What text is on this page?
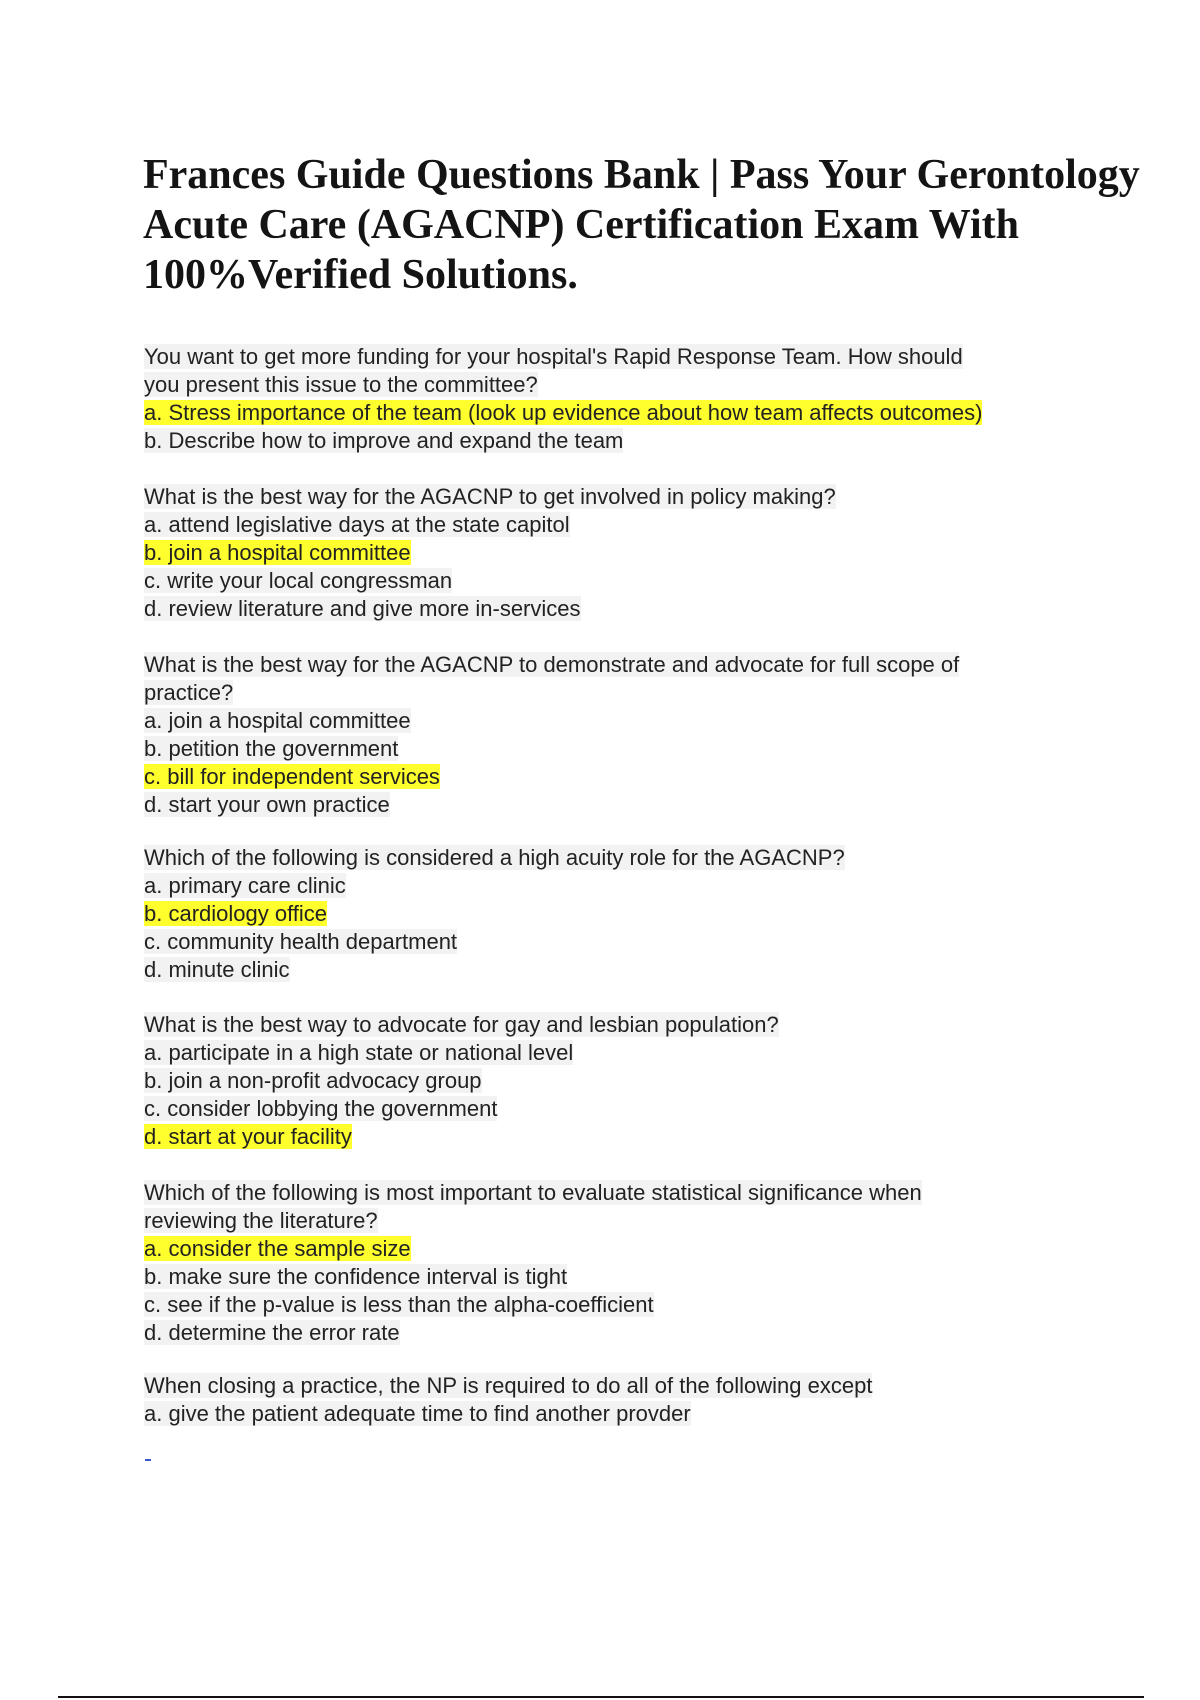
Frances Guide Questions Bank | Pass Your Gerontology
Acute Care (AGACNP) Certification Exam With
100%Verified Solutions.
You want to get more funding for your hospital's Rapid Response Team. How should
you present this issue to the committee?
a. Stress importance of the team (look up evidence about how team affects outcomes)
b. Describe how to improve and expand the team
What is the best way for the AGACNP to get involved in policy making?
a. attend legislative days at the state capitol
b. join a hospital committee
c. write your local congressman
d. review literature and give more in-services
What is the best way for the AGACNP to demonstrate and advocate for full scope of
practice?
a. join a hospital committee
b. petition the government
c. bill for independent services
d. start your own practice
Which of the following is considered a high acuity role for the AGACNP?
a. primary care clinic
b. cardiology office
c. community health department
d. minute clinic
What is the best way to advocate for gay and lesbian population?
a. participate in a high state or national level
b. join a non-profit advocacy group
c. consider lobbying the government
d. start at your facility
Which of the following is most important to evaluate statistical significance when
reviewing the literature?
a. consider the sample size
b. make sure the confidence interval is tight
c. see if the p-value is less than the alpha-coefficient
d. determine the error rate
When closing a practice, the NP is required to do all of the following except
a. give the patient adequate time to find another provder
